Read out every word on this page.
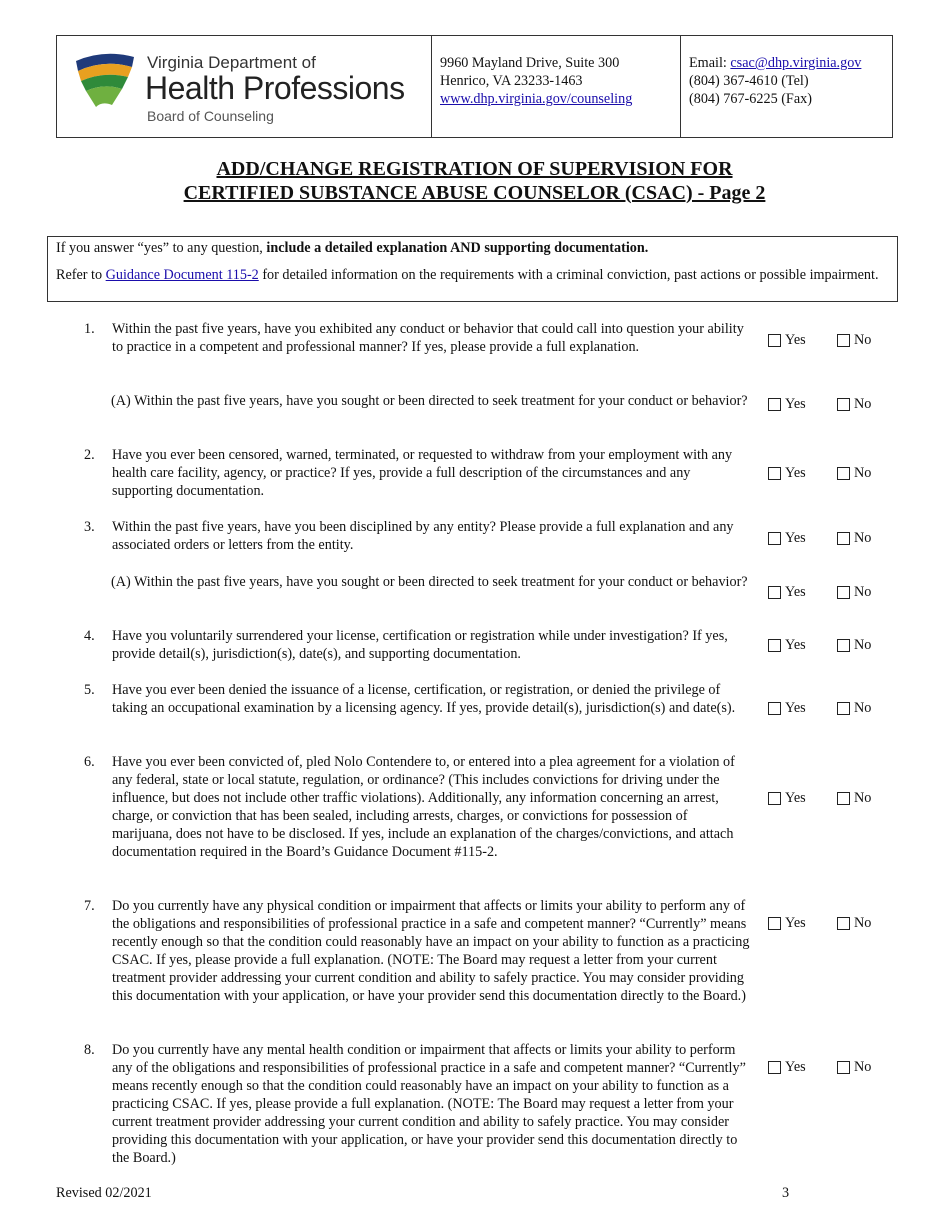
Virginia Department of
Health Professions
Board of Counseling
9960 Mayland Drive, Suite 300
Henrico, VA 23233-1463
www.dhp.virginia.gov/counseling
Email: csac@dhp.virginia.gov
(804) 367-4610 (Tel)
(804) 767-6225 (Fax)
ADD/CHANGE REGISTRATION OF SUPERVISION FOR
CERTIFIED SUBSTANCE ABUSE COUNSELOR (CSAC) - Page 2

If you answer “yes” to any question, include a detailed explanation AND supporting documentation.

Refer to Guidance Document 115-2 for detailed information on the requirements with a criminal conviction, past actions or possible impairment.

1. Within the past five years, have you exhibited any conduct or behavior that could call into question your ability to practice in a competent and professional manner? If yes, please provide a full explanation.	Yes	No
(A) Within the past five years, have you sought or been directed to seek treatment for your conduct or behavior?	Yes	No
2. Have you ever been censored, warned, terminated, or requested to withdraw from your employment with any health care facility, agency, or practice? If yes, provide a full description of the circumstances and any supporting documentation.
Yes	No
3. Within the past five years, have you been disciplined by any entity? Please provide a full explanation and any associated orders or letters from the entity.	Yes	No
(A) Within the past five years, have you sought or been directed to seek treatment for your conduct or behavior?
Yes	No
4. Have you voluntarily surrendered your license, certification or registration while under investigation? If yes, provide detail(s), jurisdiction(s), date(s), and supporting documentation.
Yes	No
5. Have you ever been denied the issuance of a license, certification, or registration, or denied the privilege of taking an occupational examination by a licensing agency. If yes, provide detail(s), jurisdiction(s) and date(s).	Yes	No
6. Have you ever been convicted of, pled Nolo Contendere to, or entered into a plea agreement for a violation of any federal, state or local statute, regulation, or ordinance? (This includes convictions for driving under the influence, but does not include other traffic violations). Additionally, any information concerning an arrest, charge, or conviction that has been sealed, including arrests, charges, or convictions for possession of marijuana, does not have to be disclosed. If yes, include an explanation of the charges/convictions, and attach documentation required in the Board’s Guidance Document #115-2.
Yes	No
7. Do you currently have any physical condition or impairment that affects or limits your ability to perform any of the obligations and responsibilities of professional practice in a safe and competent manner? “Currently” means recently enough so that the condition could reasonably have an impact on your ability to function as a practicing CSAC. If yes, please provide a full explanation. (NOTE: The Board may request a letter from your current treatment provider addressing your current condition and ability to safely practice. You may consider providing this documentation with your application, or have your provider send this documentation directly to the Board.)
Yes	No
8. Do you currently have any mental health condition or impairment that affects or limits your ability to perform any of the obligations and responsibilities of professional practice in a safe and competent manner? “Currently” means recently enough so that the condition could reasonably have an impact on your ability to function as a practicing CSAC. If yes, please provide a full explanation. (NOTE: The Board may request a letter from your current treatment provider addressing your current condition and ability to safely practice. You may consider providing this documentation with your application, or have your provider send this documentation directly to the Board.)
Yes	No
Revised 02/2021	3
